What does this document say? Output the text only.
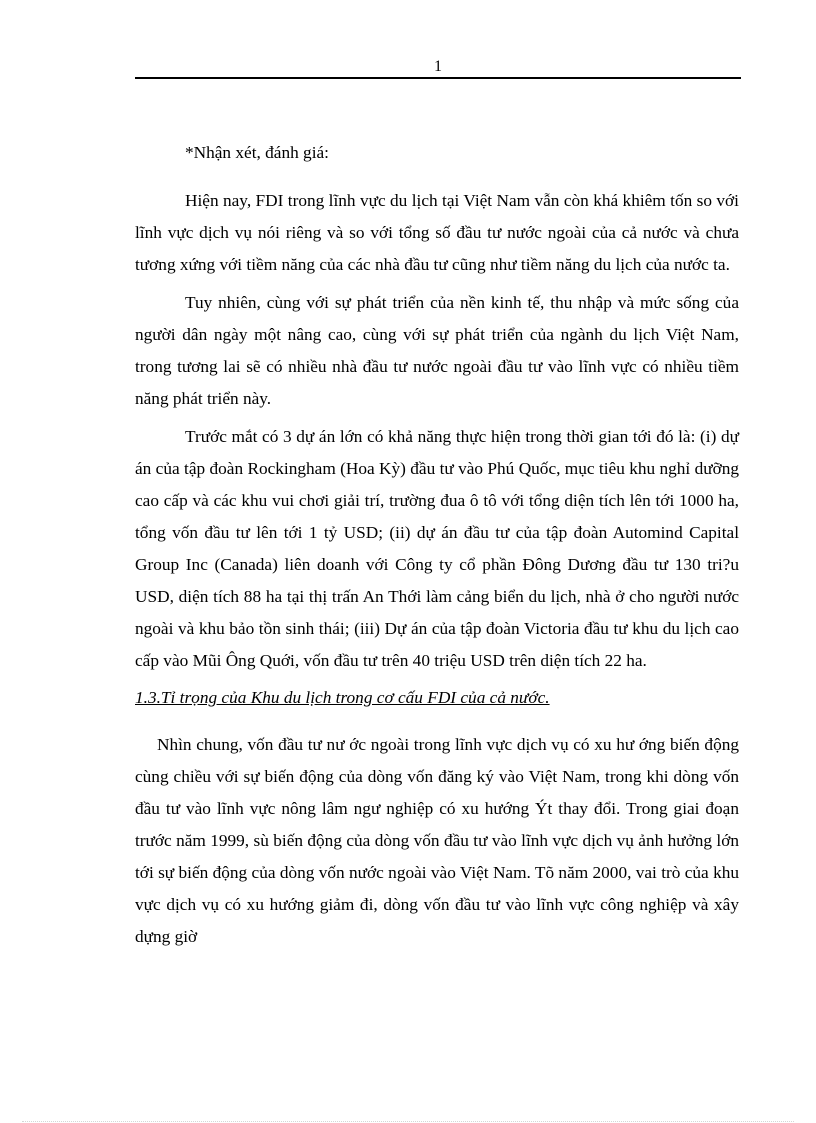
1

*Nhận xét, đánh giá:

Hiện nay, FDI trong lĩnh vực du lịch tại Việt Nam vẫn còn khá khiêm tốn so với lĩnh vực dịch vụ nói riêng và so với tổng số đầu tư nước ngoài của cả nước và chưa tương xứng với tiềm năng của các nhà đầu tư cũng như tiềm năng du lịch của nước ta.

Tuy nhiên, cùng với sự phát triển của nền kinh tế, thu nhập và mức sống của người dân ngày một nâng cao, cùng với sự phát triển của ngành du lịch Việt Nam, trong tương lai sẽ có nhiều nhà đầu tư nước ngoài đầu tư vào lĩnh vực có nhiều tiềm năng phát triển này.

Trước mắt có 3 dự án lớn có khả năng thực hiện trong thời gian tới đó là: (i) dự án của tập đoàn Rockingham (Hoa Kỳ) đầu tư vào Phú Quốc, mục tiêu khu nghỉ dưỡng cao cấp và các khu vui chơi giải trí, trường đua ô tô với tổng diện tích lên tới 1000 ha, tổng vốn đầu tư lên tới 1 tỷ USD; (ii) dự án đầu tư của tập đoàn Automind Capital Group Inc (Canada) liên doanh với Công ty cổ phần Đông Dương đầu tư 130 tri?u USD, diện tích 88 ha tại thị trấn An Thới làm cảng biển du lịch, nhà ở cho người nước ngoài và khu bảo tồn sinh thái; (iii) Dự án của tập đoàn Victoria đầu tư khu du lịch cao cấp vào Mũi Ông Quới, vốn đầu tư trên 40 triệu USD trên diện tích 22 ha.

1.3.Tỉ trọng của Khu du lịch trong cơ cấu FDI của cả nước.

Nhìn chung, vốn đầu tư nư ớc ngoài trong lĩnh vực dịch vụ có xu hư ớng biến động cùng chiều với sự biến động của dòng vốn đăng ký vào Việt Nam, trong khi dòng vốn đầu tư vào lĩnh vực nông lâm ngư nghiệp có xu hướng Ýt thay đổi. Trong giai đoạn trước năm 1999, sù biến động của dòng vốn đầu tư vào lĩnh vực dịch vụ ảnh hưởng lớn tới sự biến động của dòng vốn nước ngoài vào Việt Nam. Tõ năm 2000, vai trò của khu vực dịch vụ có xu hướng giảm đi, dòng vốn đầu tư vào lĩnh vực công nghiệp và xây dựng giờ
